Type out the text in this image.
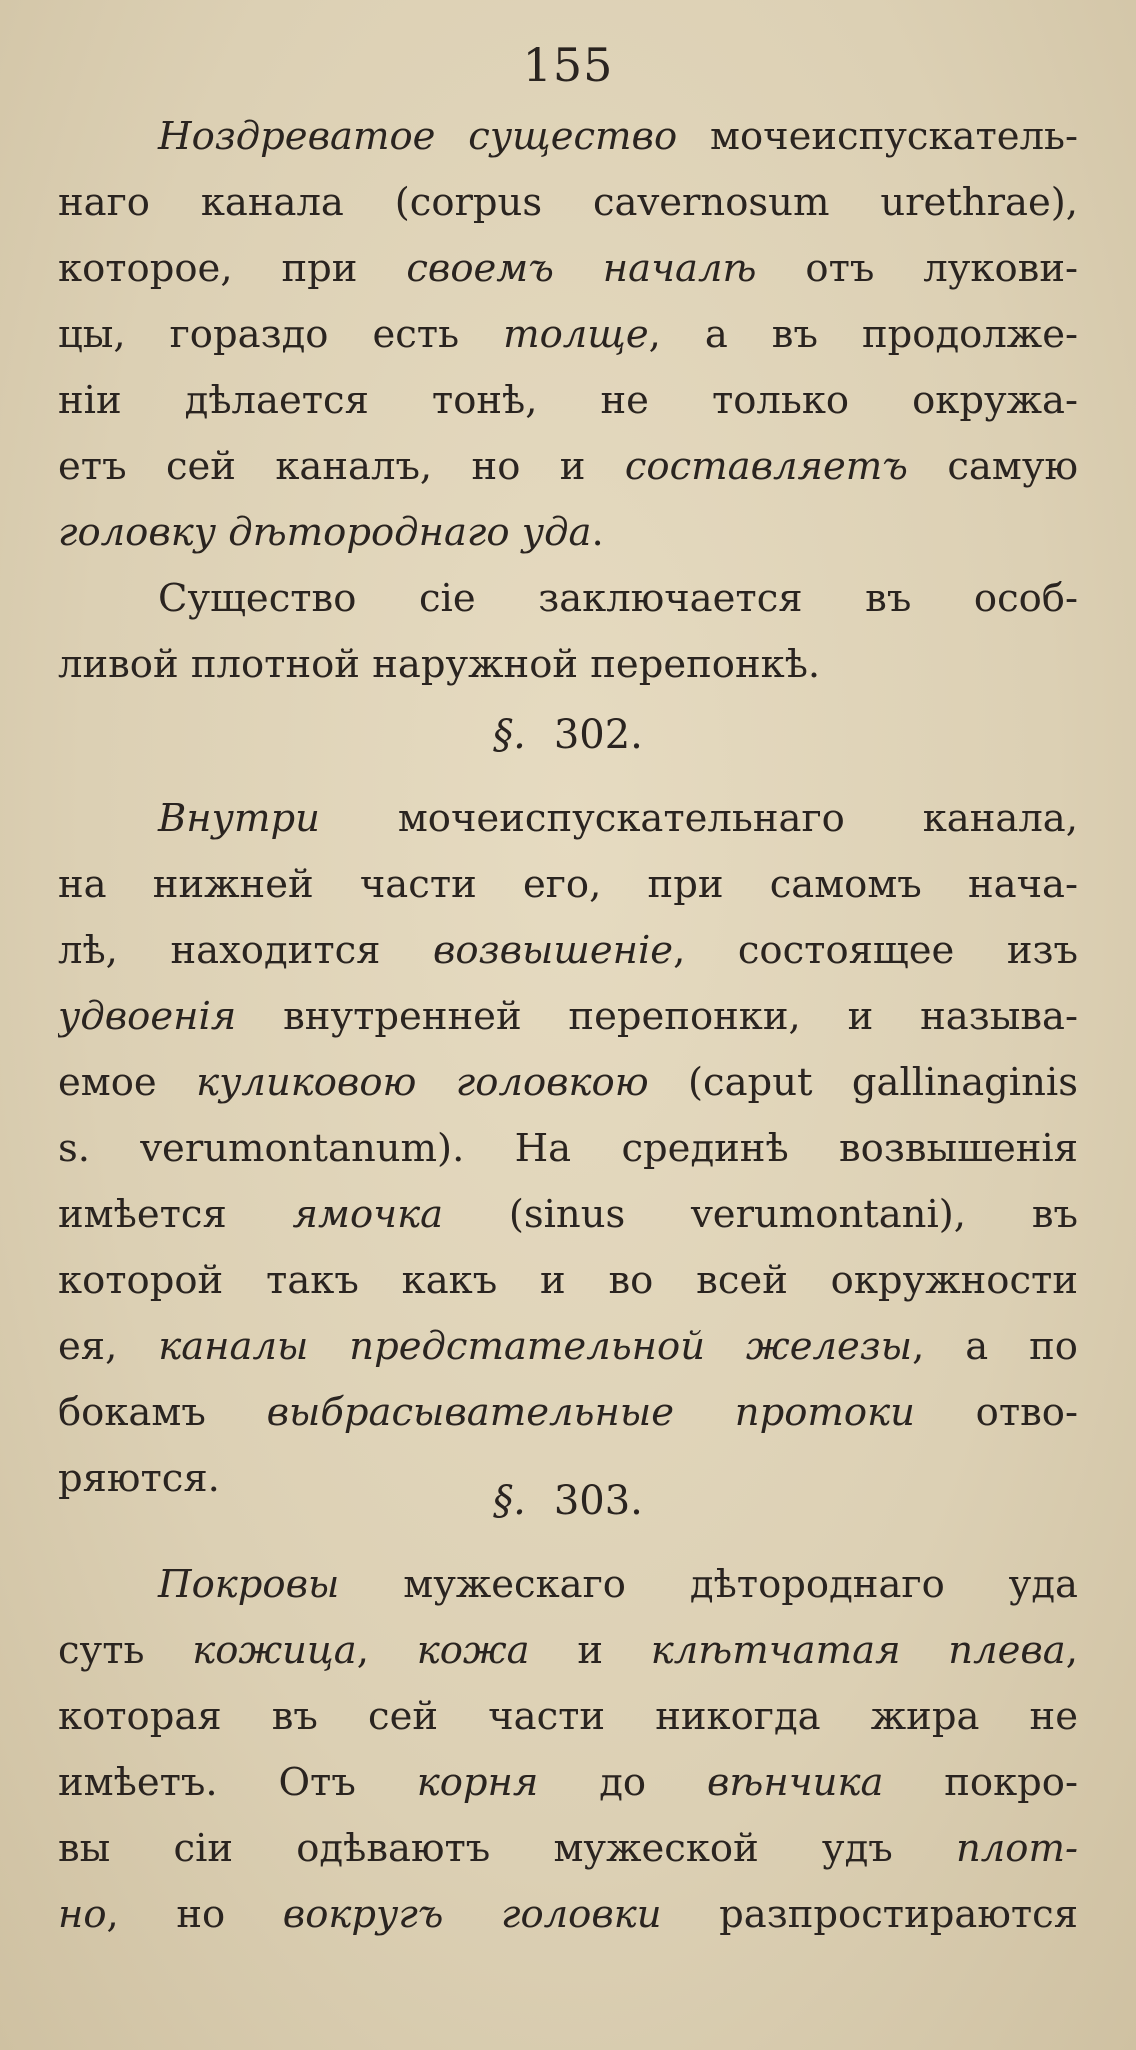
155
Ноздреватое существо мочеиспускатель-
наго канала (corpus cavernosum urethrae),
которое, при своемъ началѣ отъ лукови-
цы, гораздо есть толще, а въ продолже-
нiи дѣлается тонѣ, не только окружа-
етъ сей каналъ, но и составляетъ самую
головку дѣтороднаго уда.
Существо сiе заключается въ особ-
ливой плотной наружной перепонкѣ.
§. 302.
Внутри мочеиспускательнаго канала,
на нижней части его, при самомъ нача-
лѣ, находится возвышенiе, состоящее изъ
удвоенiя внутренней перепонки, и называ-
емое куликовою головкою (caput gallinaginis
s. verumontanum). На срединѣ возвышенiя
имѣется ямочка (sinus verumontani), въ
которой такъ какъ и во всей окружности
ея, каналы предстательной железы, а по
бокамъ выбрасывательные протоки отво-
ряются.	§. 303.
Покровы мужескаго дѣтороднаго уда
суть кожица, кожа и клѣтчатая плева,
которая въ сей части никогда жира не
имѣетъ. Отъ корня до вѣнчика покро-
вы сiи одѣваютъ мужеской удъ плот-
но, но вокругъ головки разпростираются
